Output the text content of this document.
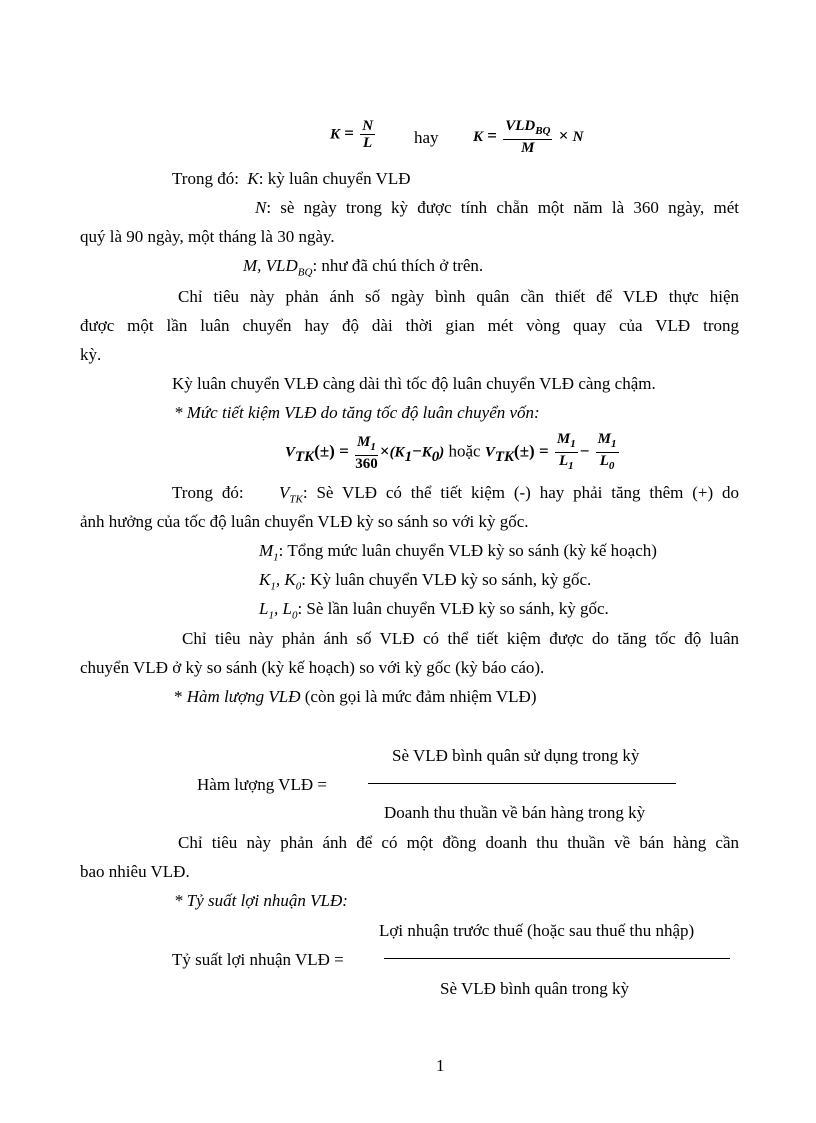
$K = \frac{N}{L}$ hay $K = \frac{VLD_{BQ}}{M} \times N$
Trong đó: K: kỳ luân chuyển VLĐ
N: sè ngày trong kỳ được tính chẵn một năm là 360 ngày, mét
quý là 90 ngày, một tháng là 30 ngày.
M, $VLD_{BQ}$: như đã chú thích ở trên.
Chỉ tiêu này phản ánh số ngày bình quân cần thiết để VLĐ thực hiện
được một lần luân chuyển hay độ dài thời gian mét vòng quay của VLĐ trong
kỳ.
Kỳ luân chuyển VLĐ càng dài thì tốc độ luân chuyển VLĐ càng chậm.
* Mức tiết kiệm VLĐ do tăng tốc độ luân chuyển vốn:
$V_{TK}(\pm) = \frac{M_1}{360} \times(K_1-K_0)$ hoặc $V_{TK}(\pm) = \frac{M_1}{L_1} - \frac{M_1}{L_0}$
Trong đó: $V_{TK}$: Sè VLĐ có thể tiết kiệm (-) hay phải tăng thêm (+) do
ảnh hưởng của tốc độ luân chuyển VLĐ kỳ so sánh so với kỳ gốc.
$M_1$: Tổng mức luân chuyển VLĐ kỳ so sánh (kỳ kế hoạch)
$K_1$, $K_0$: Kỳ luân chuyển VLĐ kỳ so sánh, kỳ gốc.
$L_1$, $L_0$: Sè lần luân chuyển VLĐ kỳ so sánh, kỳ gốc.
Chỉ tiêu này phản ánh số VLĐ có thể tiết kiệm được do tăng tốc độ luân
chuyển VLĐ ở kỳ so sánh (kỳ kế hoạch) so với kỳ gốc (kỳ báo cáo).
* Hàm lượng VLĐ (còn gọi là mức đảm nhiệm VLĐ)
Sè VLĐ bình quân sử dụng trong kỳ
Hàm lượng VLĐ =
Doanh thu thuần về bán hàng trong kỳ
Chỉ tiêu này phản ánh để có một đồng doanh thu thuần về bán hàng cần
bao nhiêu VLĐ.
* Tỷ suất lợi nhuận VLĐ:
Lợi nhuận trước thuế (hoặc sau thuế thu nhập)
Tỷ suất lợi nhuận VLĐ =
Sè VLĐ bình quân trong kỳ
1
